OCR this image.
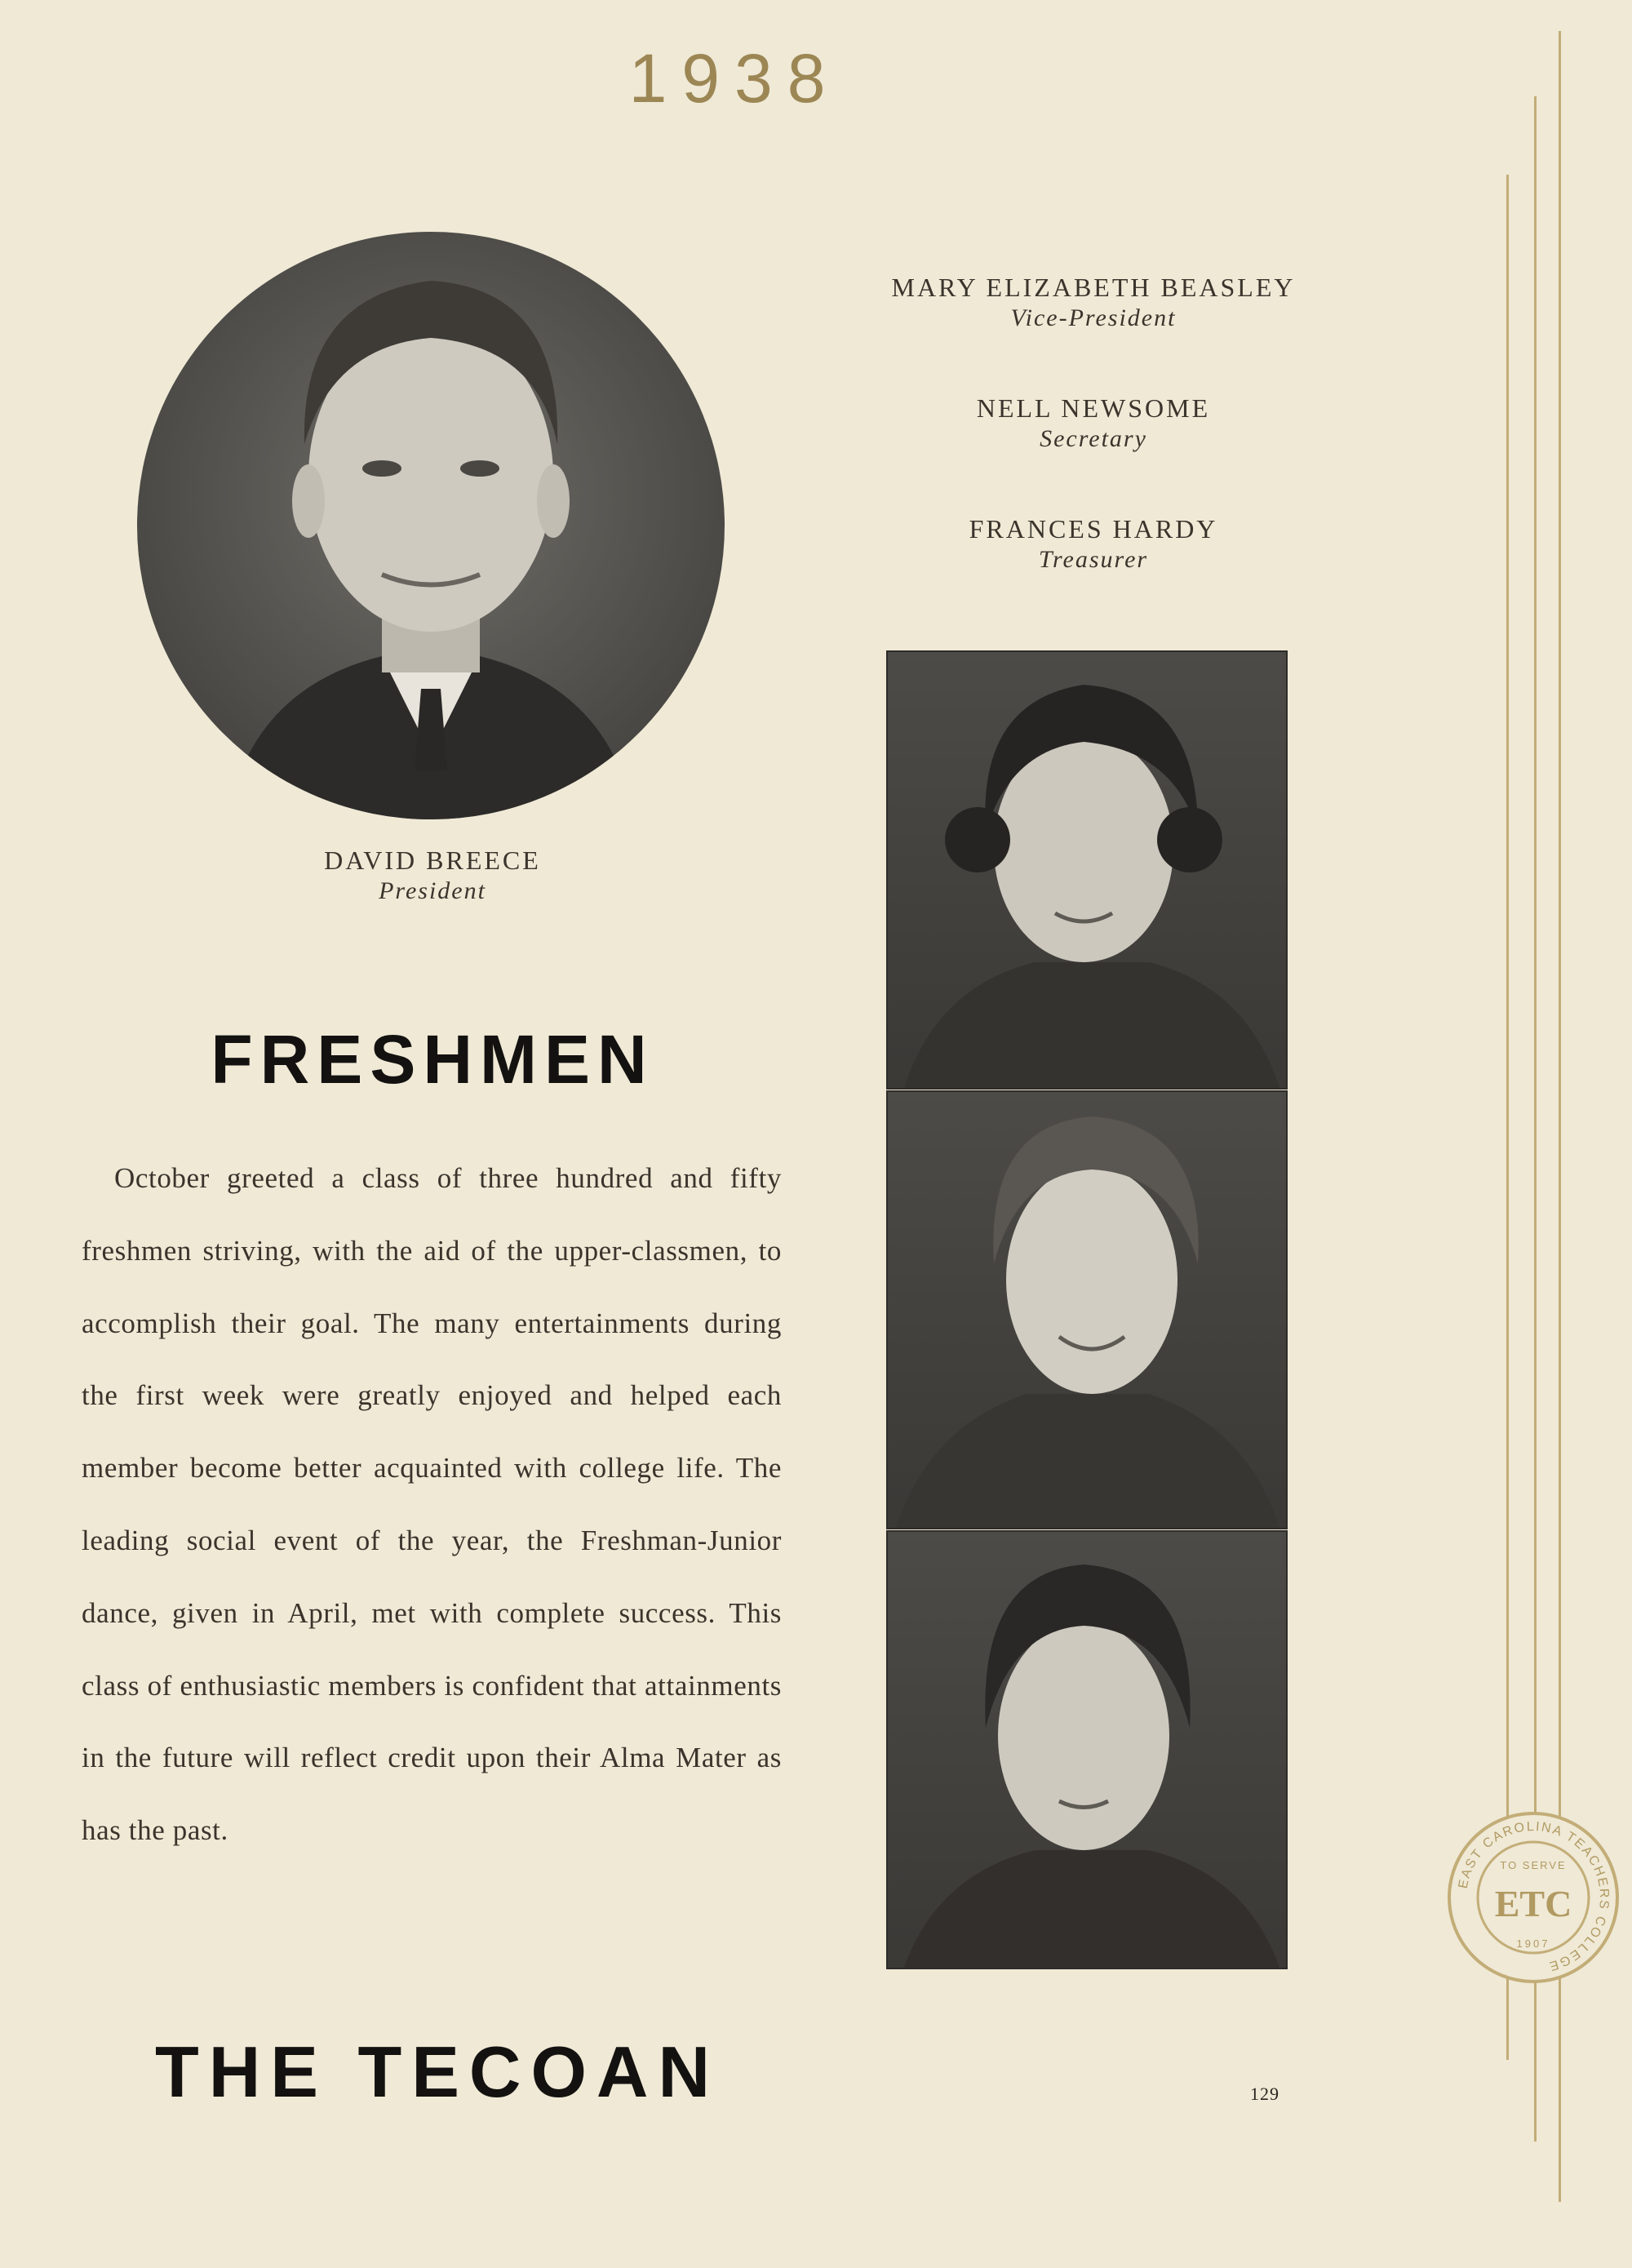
1938
DAVID BREECE
President
MARY ELIZABETH BEASLEY
Vice-President
NELL NEWSOME
Secretary
FRANCES HARDY
Treasurer
FRESHMEN
October greeted a class of three hundred and fifty freshmen striving, with the aid of the upper-classmen, to accomplish their goal. The many entertainments during the first week were greatly enjoyed and helped each member become better acquainted with college life. The leading social event of the year, the Freshman-Junior dance, given in April, met with complete success. This class of enthusiastic members is confident that attainments in the future will reflect credit upon their Alma Mater as has the past.
THE TECOAN	129
EAST CAROLINA TEACHERS COLLEGE
TO SERVE
ETC
1907
